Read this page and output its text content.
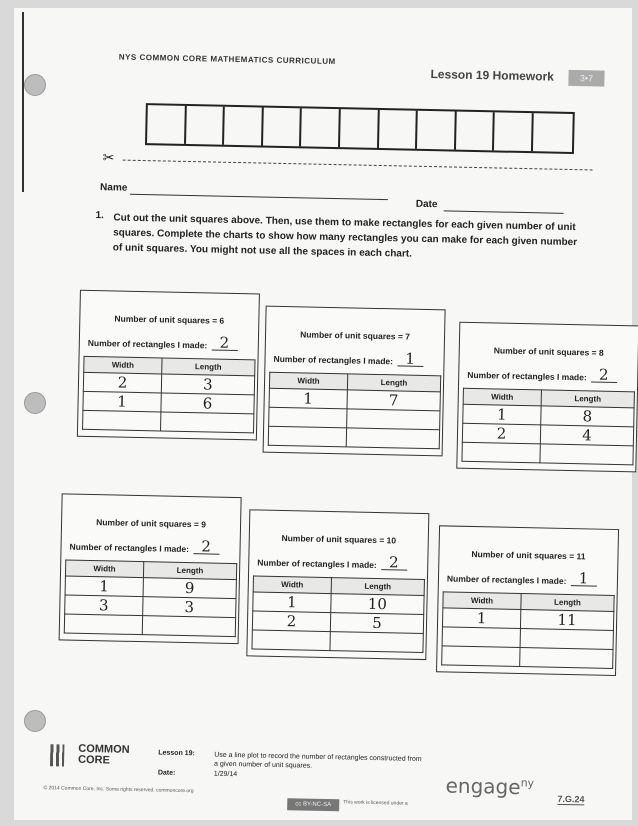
NYS COMMON CORE MATHEMATICS CURRICULUM
Lesson 19 Homework	3•7
✂
Name
Date
1. Cut out the unit squares above. Then, use them to make rectangles for each given number of unit squares. Complete the charts to show how many rectangles you can make for each given number of unit squares. You might not use all the spaces in each chart.
Number of unit squares = 6
Number of rectangles I made: 2
Width	Length
2	3
1	6

Number of unit squares = 7
Number of rectangles I made: 1
Width	Length
1	7

Number of unit squares = 8
Number of rectangles I made: 2
Width	Length
1	8
2	4

Number of unit squares = 9
Number of rectangles I made: 2
Width	Length
1	9
3	3

Number of unit squares = 10
Number of rectangles I made: 2
Width	Length
1	10
2	5

Number of unit squares = 11
Number of rectangles I made: 1
Width	Length
1	11

COMMON
CORE
Lesson 19:
Date:
Use a line plot to record the number of rectangles constructed from a given number of unit squares.
1/29/14
© 2014 Common Core, Inc. Some rights reserved. commoncore.org
cc BY-NC-SA	This work is licensed under a
engage$^{ny}$
7.G.24
